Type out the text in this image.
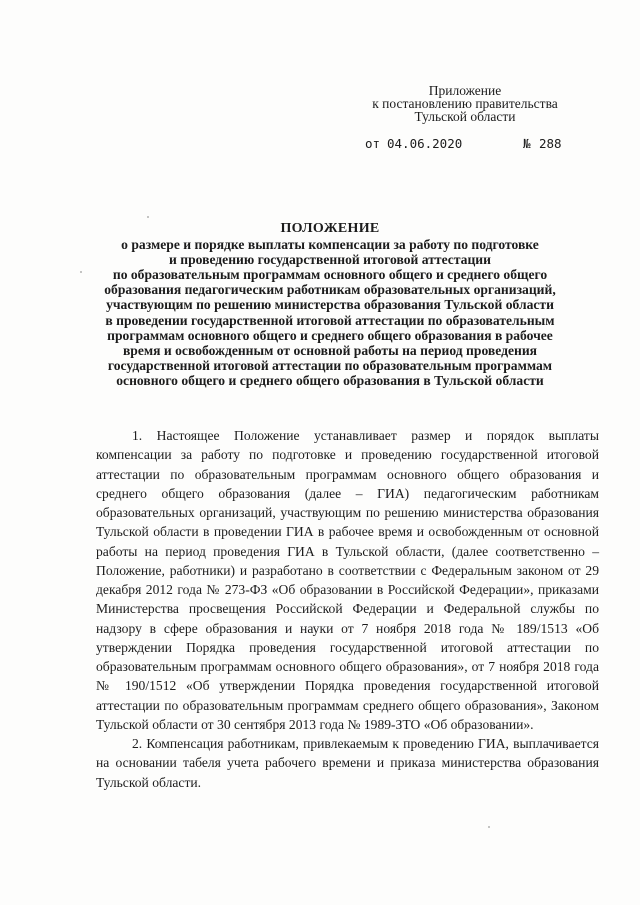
Приложение
к постановлению правительства
Тульской области
от 04.06.2020	№ 288
ПОЛОЖЕНИЕ
о размере и порядке выплаты компенсации за работу по подготовке
и проведению государственной итоговой аттестации
по образовательным программам основного общего и среднего общего
образования педагогическим работникам образовательных организаций,
участвующим по решению министерства образования Тульской области
в проведении государственной итоговой аттестации по образовательным
программам основного общего и среднего общего образования в рабочее
время и освобожденным от основной работы на период проведения
государственной итоговой аттестации по образовательным программам
основного общего и среднего общего образования в Тульской области

1. Настоящее Положение устанавливает размер и порядок выплаты компенсации за работу по подготовке и проведению государственной итоговой аттестации по образовательным программам основного общего образования и среднего общего образования (далее – ГИА) педагогическим работникам образовательных организаций, участвующим по решению министерства образования Тульской области в проведении ГИА в рабочее время и освобожденным от основной работы на период проведения ГИА в Тульской области, (далее соответственно – Положение, работники) и разработано в соответствии с Федеральным законом от 29 декабря 2012 года № 273-ФЗ «Об образовании в Российской Федерации», приказами Министерства просвещения Российской Федерации и Федеральной службы по надзору в сфере образования и науки от 7 ноября 2018 года № 189/1513 «Об утверждении Порядка проведения государственной итоговой аттестации по образовательным программам основного общего образования», от 7 ноября 2018 года № 190/1512 «Об утверждении Порядка проведения государственной итоговой аттестации по образовательным программам среднего общего образования», Законом Тульской области от 30 сентября 2013 года № 1989-ЗТО «Об образовании».

2. Компенсация работникам, привлекаемым к проведению ГИА, выплачивается на основании табеля учета рабочего времени и приказа министерства образования Тульской области.
